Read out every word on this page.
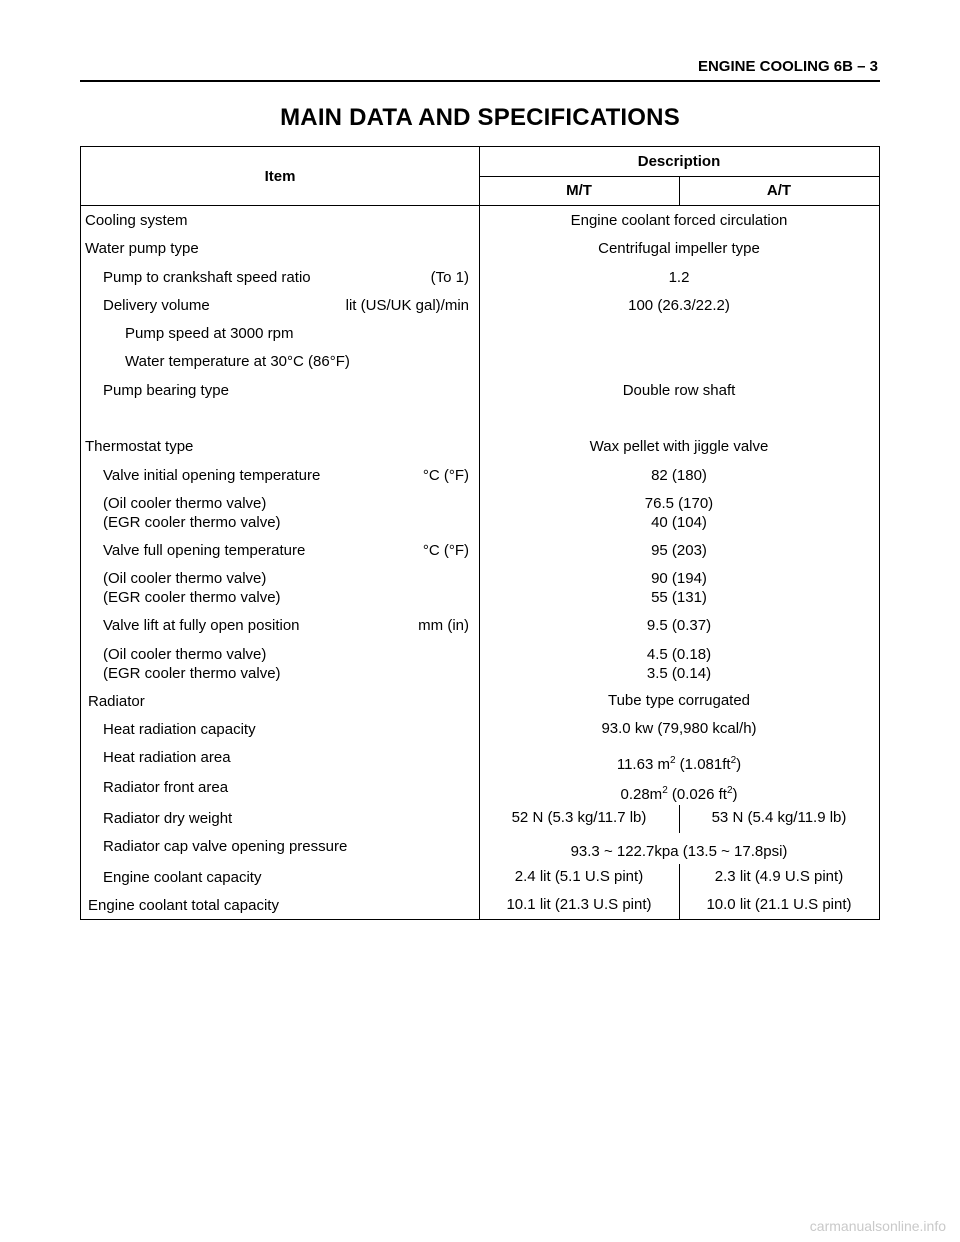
ENGINE COOLING 6B – 3
MAIN DATA AND SPECIFICATIONS
Item
Description
M/T	A/T
Cooling system	Engine coolant forced circulation
Water pump type	Centrifugal impeller type
Pump to crankshaft speed ratio	(To 1)	1.2
Delivery volume	lit (US/UK gal)/min	100 (26.3/22.2)
Pump speed at 3000 rpm
Water temperature at 30°C (86°F)
Pump bearing type	Double row shaft
Thermostat type	Wax pellet with jiggle valve
Valve initial opening temperature	°C (°F)	82 (180)
(Oil cooler thermo valve)	76.5 (170)
(EGR cooler thermo valve)	40 (104)
Valve full opening temperature	°C (°F)	95 (203)
(Oil cooler thermo valve)	90 (194)
(EGR cooler thermo valve)	55 (131)
Valve lift at fully open position	mm (in)	9.5 (0.37)
(Oil cooler thermo valve)	4.5 (0.18)
(EGR cooler thermo valve)	3.5 (0.14)
Radiator	Tube type corrugated
Heat radiation capacity	93.0 kw (79,980 kcal/h)
Heat radiation area	11.63 $m^2$ $(1.081ft^2)$
Radiator front area	$0.28m^2$ (0.026 $ft^2$)
Radiator dry weight	52 N (5.3 kg/11.7 lb)	53 N (5.4 kg/11.9 lb)
Radiator cap valve opening pressure	93.3 ~ 122.7kpa (13.5 ~ 17.8psi)
Engine coolant capacity	2.4 lit (5.1 U.S pint)	2.3 lit (4.9 U.S pint)
Engine coolant total capacity	10.1 lit (21.3 U.S pint)	10.0 lit (21.1 U.S pint)
carmanualsonline.info
